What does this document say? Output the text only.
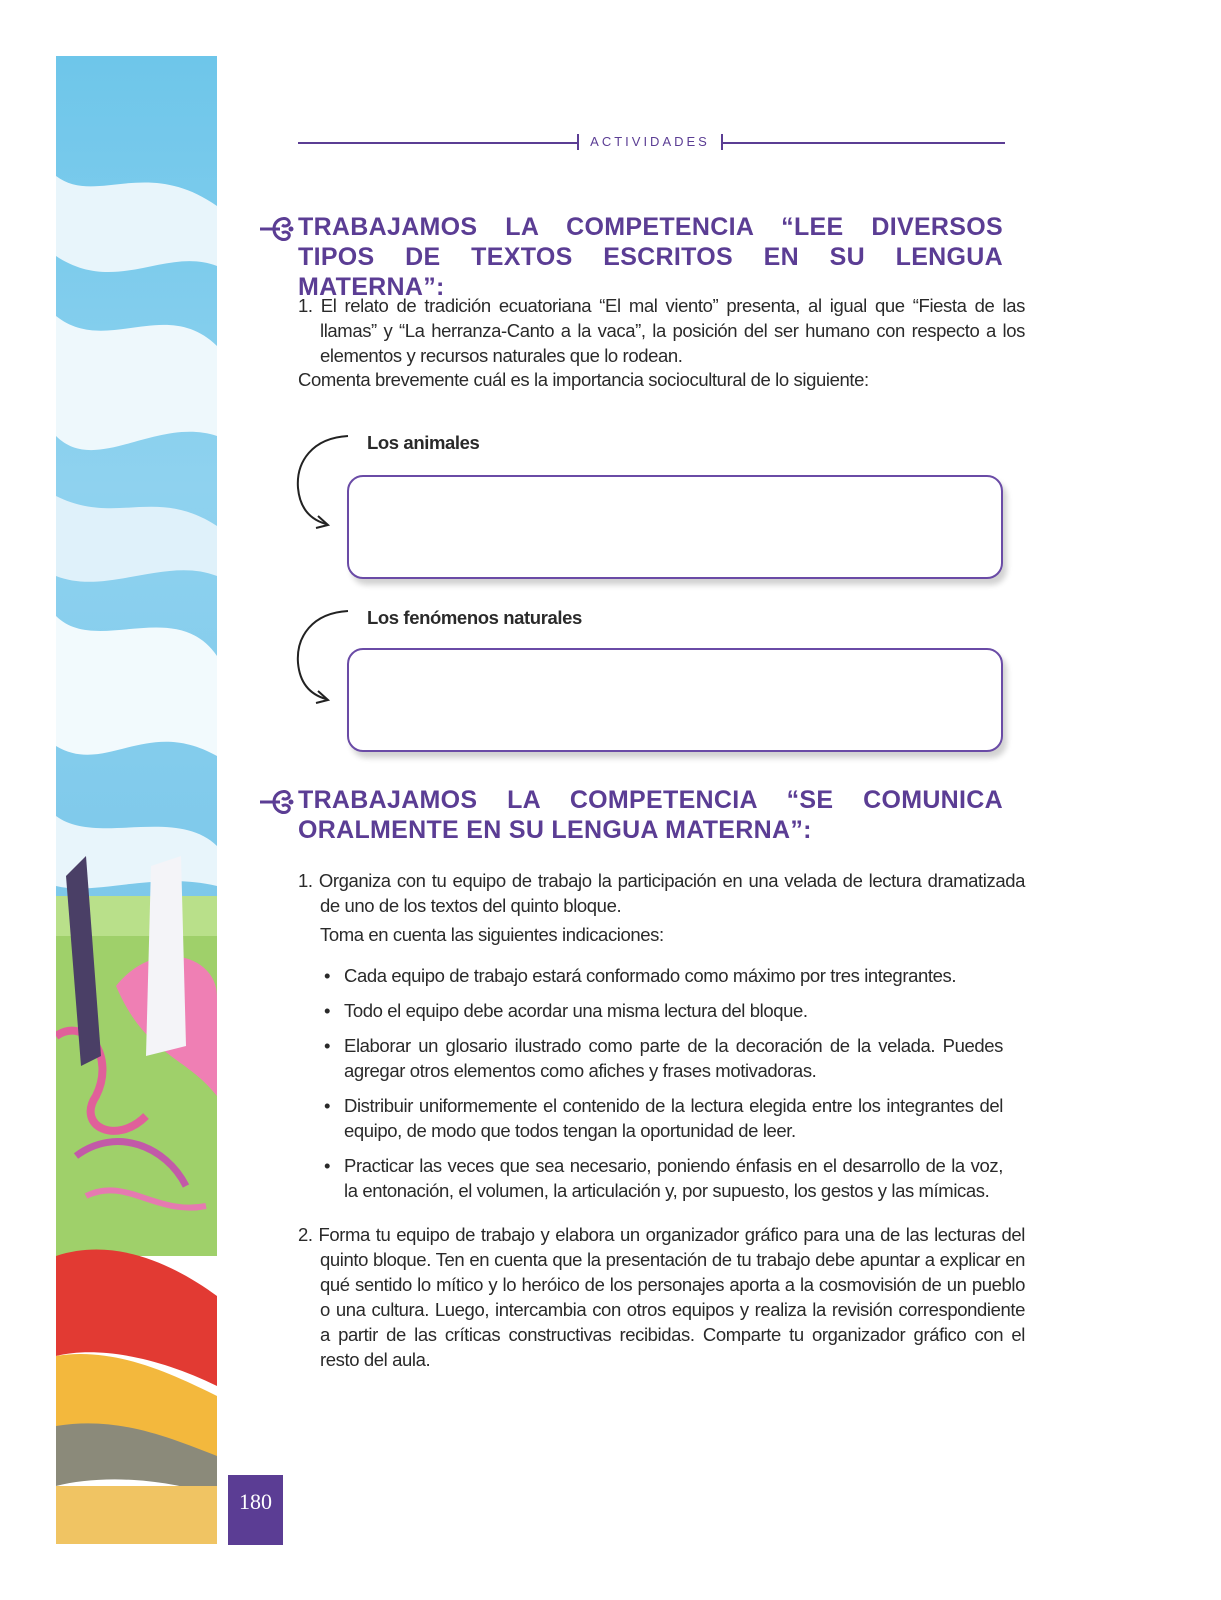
180
ACTIVIDADES
TRABAJAMOS LA COMPETENCIA “LEE DIVERSOS TIPOS DE TEXTOS ESCRITOS EN SU LENGUA MATERNA”:
1. El relato de tradición ecuatoriana “El mal viento” presenta, al igual que “Fiesta de las llamas” y “La herranza-Canto a la vaca”, la posición del ser humano con respecto a los elementos y recursos naturales que lo rodean.
Comenta brevemente cuál es la importancia sociocultural de lo siguiente:
Los animales
Los fenómenos naturales
TRABAJAMOS LA COMPETENCIA “SE COMUNICA ORALMENTE EN SU LENGUA MATERNA”:
1. Organiza con tu equipo de trabajo la participación en una velada de lectura dramatizada de uno de los textos del quinto bloque.
Toma en cuenta las siguientes indicaciones:
• Cada equipo de trabajo estará conformado como máximo por tres integrantes.
• Todo el equipo debe acordar una misma lectura del bloque.
• Elaborar un glosario ilustrado como parte de la decoración de la velada. Puedes agregar otros elementos como afiches y frases motivadoras.
• Distribuir uniformemente el contenido de la lectura elegida entre los integrantes del equipo, de modo que todos tengan la oportunidad de leer.
• Practicar las veces que sea necesario, poniendo énfasis en el desarrollo de la voz, la entonación, el volumen, la articulación y, por supuesto, los gestos y las mímicas.
2. Forma tu equipo de trabajo y elabora un organizador gráfico para una de las lecturas del quinto bloque. Ten en cuenta que la presentación de tu trabajo debe apuntar a explicar en qué sentido lo mítico y lo heróico de los personajes aporta a la cosmovisión de un pueblo o una cultura. Luego, intercambia con otros equipos y realiza la revisión correspondiente a partir de las críticas constructivas recibidas. Comparte tu organizador gráfico con el resto del aula.
